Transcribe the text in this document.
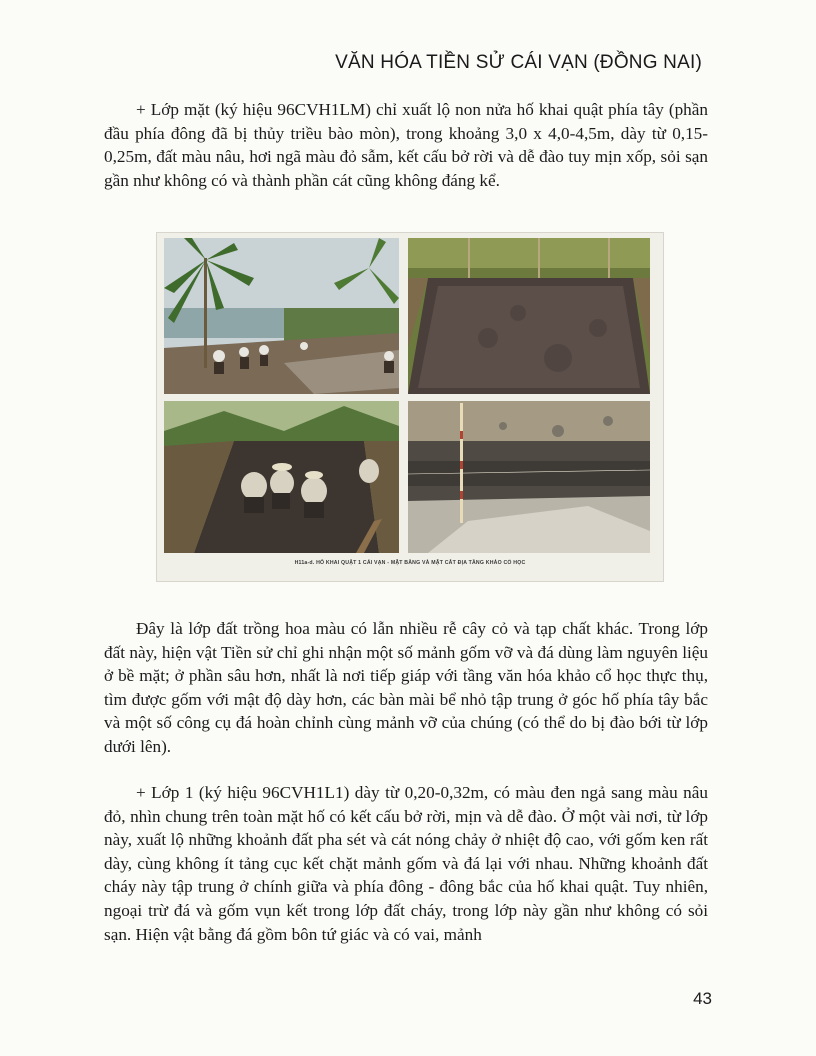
VĂN HÓA TIỀN SỬ CÁI VẠN (ĐỒNG NAI)

+ Lớp mặt (ký hiệu 96CVH1LM) chỉ xuất lộ non nửa hố khai quật phía tây (phần đầu phía đông đã bị thủy triều bào mòn), trong khoảng 3,0 x 4,0-4,5m, dày từ 0,15-0,25m, đất màu nâu, hơi ngã màu đỏ sẫm, kết cấu bở rời và dễ đào tuy mịn xốp, sỏi sạn gần như không có và thành phần cát cũng không đáng kể.

H11a-d. HỐ KHAI QUẬT 1 CÁI VẠN - MẶT BẰNG VÀ MẶT CẮT ĐỊA TẦNG KHẢO CỔ HỌC

Đây là lớp đất trồng hoa màu có lẫn nhiều rễ cây cỏ và tạp chất khác. Trong lớp đất này, hiện vật Tiền sử chỉ ghi nhận một số mảnh gốm vỡ và đá dùng làm nguyên liệu ở bề mặt; ở phần sâu hơn, nhất là nơi tiếp giáp với tầng văn hóa khảo cổ học thực thụ, tìm được gốm với mật độ dày hơn, các bàn mài bể nhỏ tập trung ở góc hố phía tây bắc và một số công cụ đá hoàn chỉnh cùng mảnh vỡ của chúng (có thể do bị đào bới từ lớp dưới lên).

+ Lớp 1 (ký hiệu 96CVH1L1) dày từ 0,20-0,32m, có màu đen ngả sang màu nâu đỏ, nhìn chung trên toàn mặt hố có kết cấu bở rời, mịn và dễ đào. Ở một vài nơi, từ lớp này, xuất lộ những khoảnh đất pha sét và cát nóng chảy ở nhiệt độ cao, với gốm ken rất dày, cùng không ít tảng cục kết chặt mảnh gốm và đá lại với nhau. Những khoảnh đất cháy này tập trung ở chính giữa và phía đông - đông bắc của hố khai quật. Tuy nhiên, ngoại trừ đá và gốm vụn kết trong lớp đất cháy, trong lớp này gần như không có sỏi sạn. Hiện vật bằng đá gồm bôn tứ giác và có vai, mảnh

43
